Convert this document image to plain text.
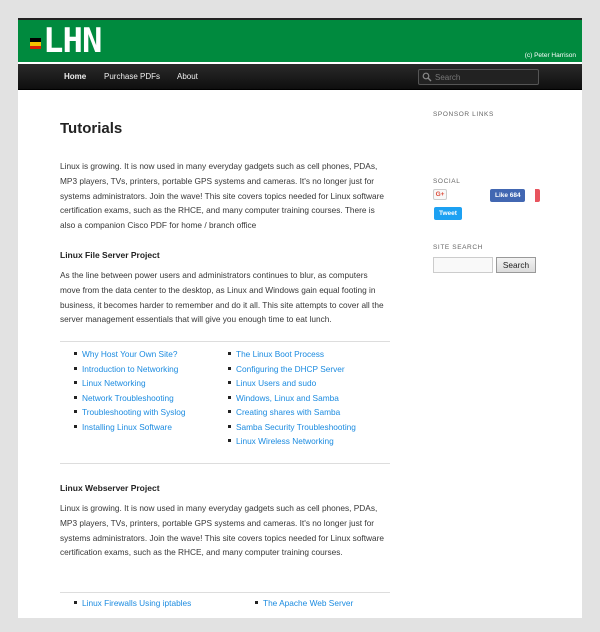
LHN	(c) Peter Harrison
Home Purchase PDFs About
Search
Tutorials

Linux is growing. It is now used in many everyday gadgets such as cell phones, PDAs, MP3 players, TVs, printers, portable GPS systems and cameras. It's no longer just for systems administrators. Join the wave! This site covers topics needed for Linux software certification exams, such as the RHCE, and many computer training courses. There is also a companion Cisco PDF for home / branch office

Linux File Server Project

As the line between power users and administrators continues to blur, as computers move from the data center to the desktop, as Linux and Windows gain equal footing in business, it becomes harder to remember and do it all. This site attempts to cover all the server management essentials that will give you enough time to eat lunch.

Why Host Your Own Site?
Introduction to Networking
Linux Networking
Network Troubleshooting
Troubleshooting with Syslog
Installing Linux Software
The Linux Boot Process
Configuring the DHCP Server
Linux Users and sudo
Windows, Linux and Samba
Creating shares with Samba
Samba Security Troubleshooting
Linux Wireless Networking
Linux Webserver Project

Linux is growing. It is now used in many everyday gadgets such as cell phones, PDAs, MP3 players, TVs, printers, portable GPS systems and cameras. It's no longer just for systems administrators. Join the wave! This site covers topics needed for Linux software certification exams, such as the RHCE, and many computer training courses.

Linux Firewalls Using iptables	The Apache Web Server
SPONSOR LINKS
SOCIAL
G+	Like 684
Tweet
SITE SEARCH
Search
